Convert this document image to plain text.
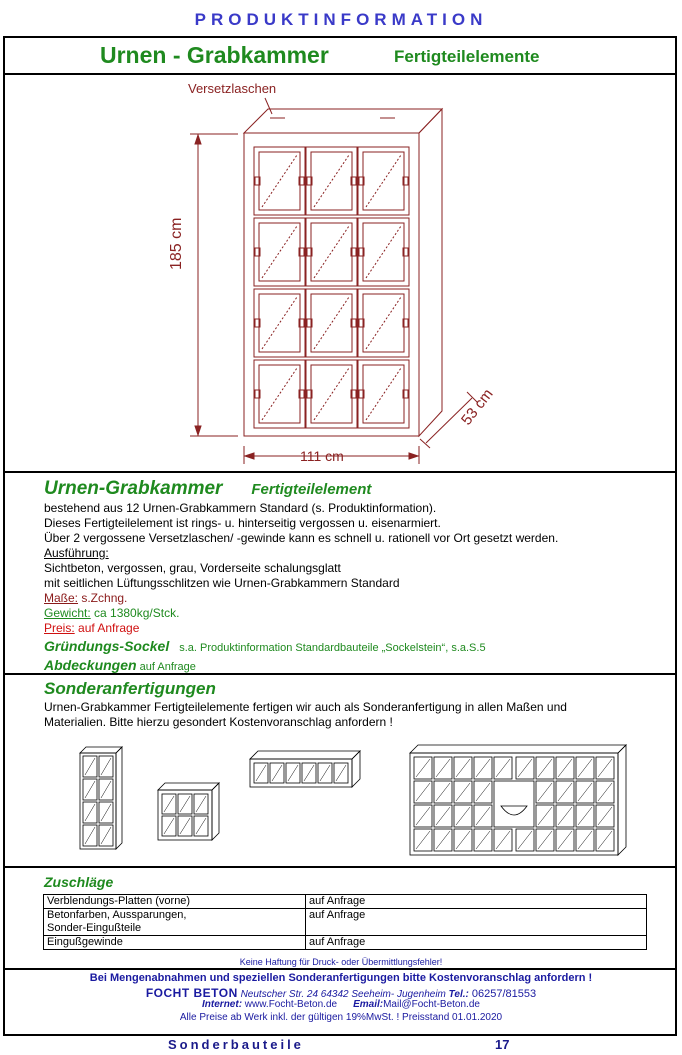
PRODUKTINFORMATION
Urnen - Grabkammer	Fertigteilelemente
Versetzlaschen
185 cm
111 cm
53 cm
Urnen-Grabkammer Fertigteilelement
bestehend aus 12 Urnen-Grabkammern Standard (s. Produktinformation).
Dieses Fertigteilelement ist rings- u. hinterseitig vergossen u. eisenarmiert.
Über 2 vergossene Versetzlaschen/ -gewinde kann es schnell u. rationell vor Ort gesetzt werden.
Ausführung:
Sichtbeton, vergossen, grau, Vorderseite schalungsglatt
mit seitlichen Lüftungsschlitzen wie Urnen-Grabkammern Standard
Maße: s.Zchng.
Gewicht: ca 1380kg/Stck.
Preis: auf Anfrage
Gründungs-Sockel s.a. Produktinformation Standardbauteile „Sockelstein“, s.a.S.5
Abdeckungen auf Anfrage
Sonderanfertigungen
Urnen-Grabkammer Fertigteilelemente fertigen wir auch als Sonderanfertigung in allen Maßen und
Materialien. Bitte hierzu gesondert Kostenvoranschlag anfordern !
Zuschläge
Verblendungs-Platten (vorne)	auf Anfrage

Betonfarben, Aussparungen,
Sonder-Eingußteile	auf Anfrage
Eingußgewinde	auf Anfrage
Keine Haftung für Druck- oder Übermittlungsfehler!
Bei Mengenabnahmen und speziellen Sonderanfertigungen bitte Kostenvoranschlag anfordern !
FOCHT BETON Neutscher Str. 24 64342 Seeheim- Jugenheim Tel.: 06257/81553
Internet: www.Focht-Beton.de Email:Mail@Focht-Beton.de
Alle Preise ab Werk inkl. der gültigen 19%MwSt. ! Preisstand 01.01.2020
Sonderbauteile	17
